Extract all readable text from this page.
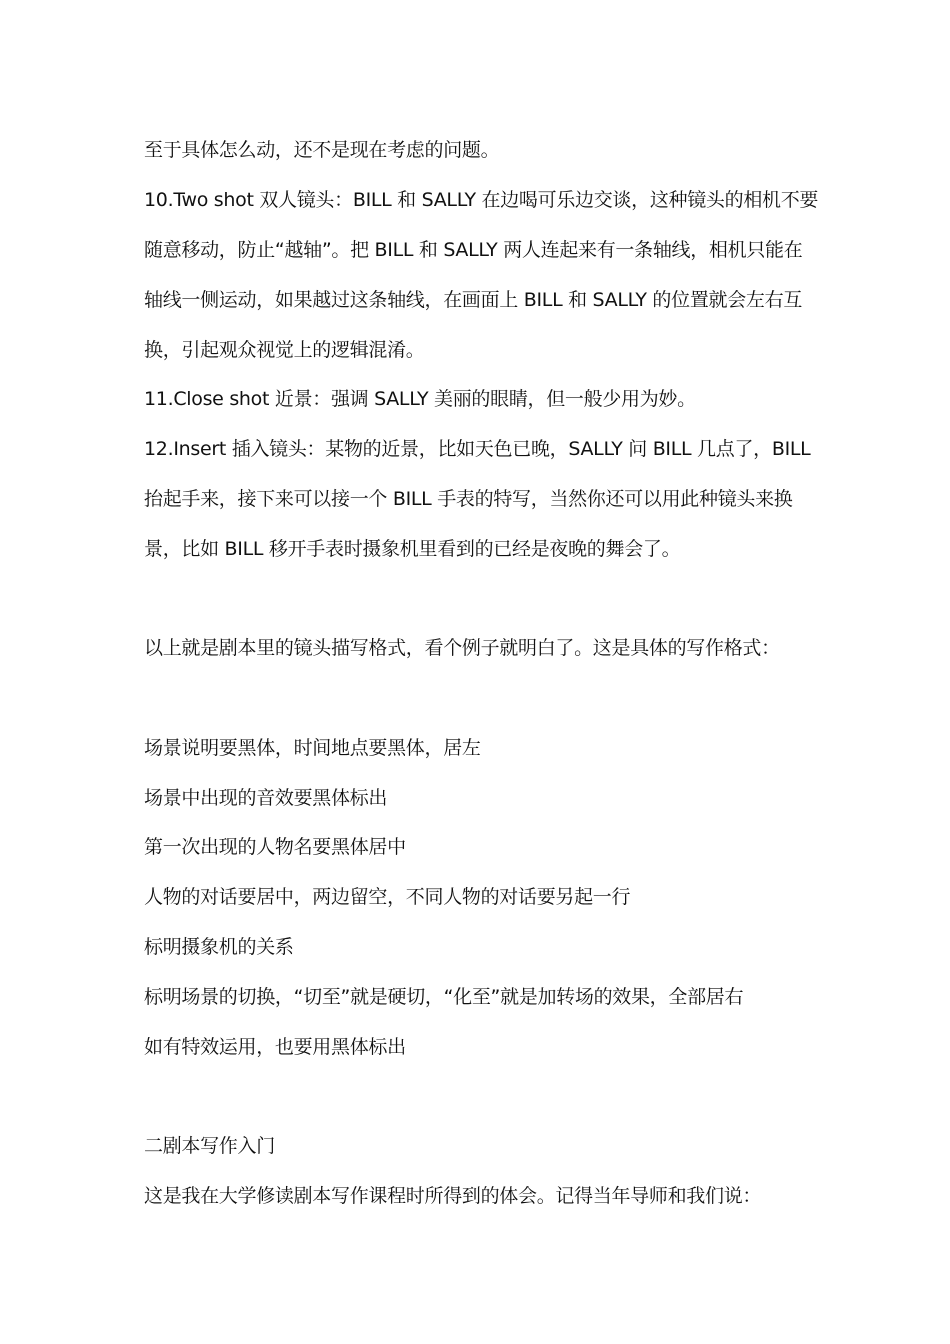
至于具体怎么动，还不是现在考虑的问题。
10.Two shot 双人镜头：BILL 和 SALLY 在边喝可乐边交谈，这种镜头的相机不要
随意移动，防止“越轴”。把 BILL 和 SALLY 两人连起来有一条轴线，相机只能在
轴线一侧运动，如果越过这条轴线，在画面上 BILL 和 SALLY 的位置就会左右互
换，引起观众视觉上的逻辑混淆。
11.Close shot 近景：强调 SALLY 美丽的眼睛，但一般少用为妙。
12.Insert 插入镜头：某物的近景，比如天色已晚，SALLY 问 BILL 几点了，BILL
抬起手来，接下来可以接一个 BILL 手表的特写，当然你还可以用此种镜头来换
景，比如 BILL 移开手表时摄象机里看到的已经是夜晚的舞会了。
以上就是剧本里的镜头描写格式，看个例子就明白了。这是具体的写作格式：
场景说明要黑体，时间地点要黑体，居左
场景中出现的音效要黑体标出
第一次出现的人物名要黑体居中
人物的对话要居中，两边留空，不同人物的对话要另起一行
标明摄象机的关系
标明场景的切换，“切至”就是硬切，“化至”就是加转场的效果，全部居右
如有特效运用，也要用黑体标出
二剧本写作入门
这是我在大学修读剧本写作课程时所得到的体会。记得当年导师和我们说：
